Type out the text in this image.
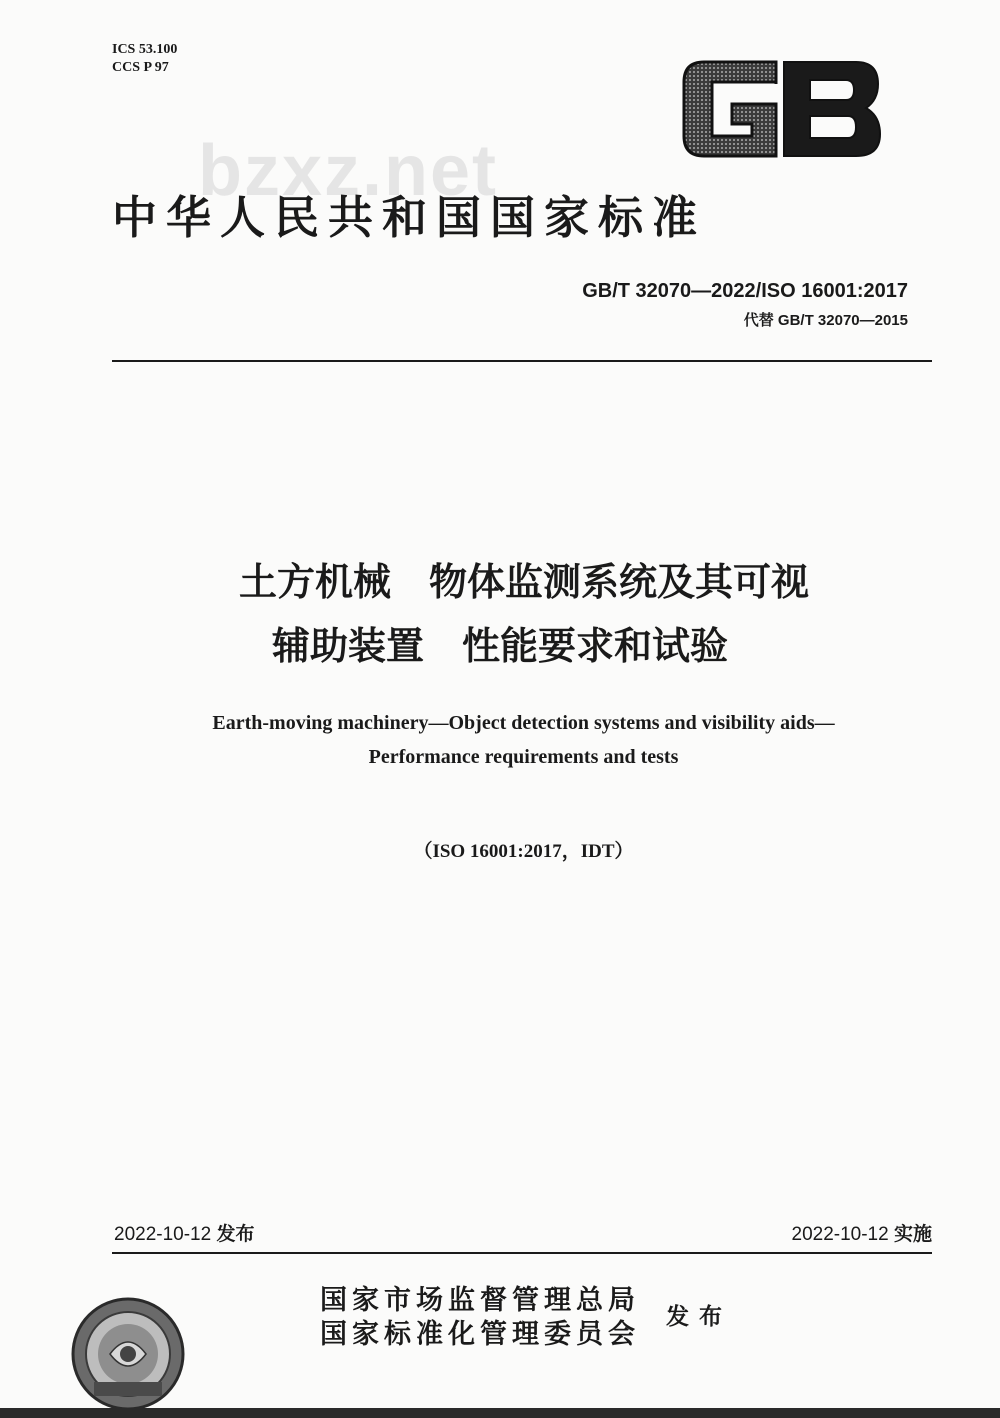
ICS 53.100
CCS P 97
bzxz.net
中华人民共和国国家标准
GB/T 32070—2022/ISO 16001:2017
代替 GB/T 32070—2015
土方机械　物体监测系统及其可视
辅助装置　性能要求和试验
Earth-moving machinery—Object detection systems and visibility aids—
Performance requirements and tests
（ISO 16001:2017，IDT）
2022-10-12 发布	2022-10-12 实施
国家市场监督管理总局
国家标准化管理委员会
发布
